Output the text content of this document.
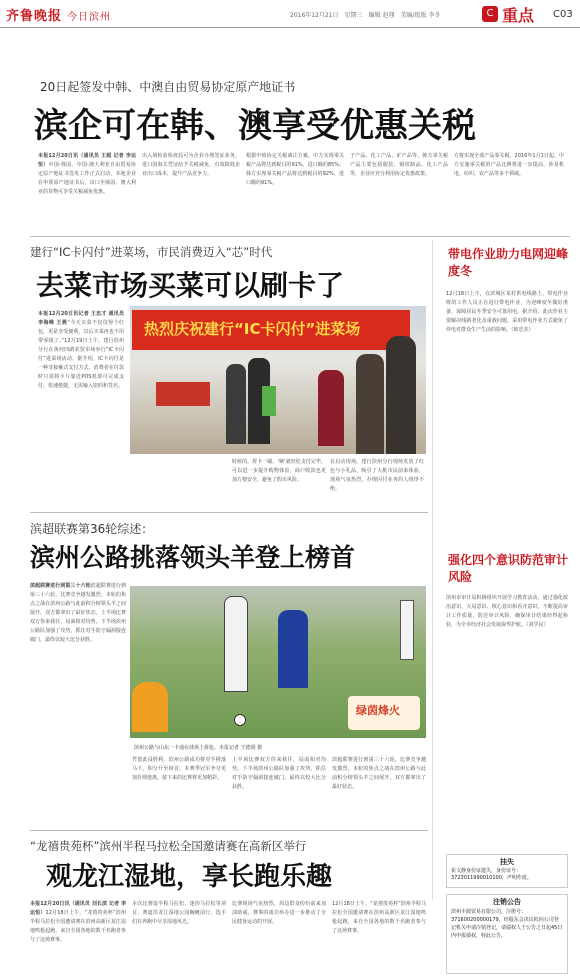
齐鲁晚报 今日滨州	2016年12月21日　星期三　编辑 赵翔　美编/组版 李冬	C 重点 C03
20日起签发中韩、中澳自由贸易协定原产地证书
滨企可在韩、澳享受优惠关税
本报12月20日讯（通讯员 王超 记者 李运恒）中国-韩国、中国-澳大利亚自由贸易协定原产地证书签发工作正式启动，本地企业在申领原产地证书后，出口至韩国、澳大利亚的货物可享受关税减免优惠。
出入境检验检疫局可为企业办理签证业务，进口国海关凭证给予关税减免，有效降低企业出口成本，提升产品竞争力。
根据中韩协定关税减让方案，中方实现零关税产品将达到税目的91%，进口额的85%；韩方实现零关税产品将达到税目的92%，进口额的91%。
子产品、化工产品、矿产品等，韩方零关税产品主要包括服装、钢铁制品、化工产品等，企业应充分利用协定优惠政策。
方将实现全部产品零关税，2016年1月1日起，中方实施零关税的产品比例将进一步提高，涉及机电、纺织、农产品等多个领域。
建行“IC卡闪付”进菜场，市民消费迈入“芯”时代
去菜市场买菜可以刷卡了
本报12月20日讯记者 王忠才 通讯员 李海峰 王燕“今天买菜不仅仅得个红包，更是享受便利，以后买菜再也不用带零钱了。”12月19日上午，建行滨州分行在黄河四路农贸市场举行“IC卡闪付”进菜场活动。据介绍，IC卡闪付是一种非接触式支付方式，消费者在付款时只需将卡片靠近POS机即可完成支付，快速便捷，无需输入密码和签名。
热烈庆祝建行“IC卡闪付”进菜场
时候的，挥卡一刷、‘嘀’就轻松支付完毕，可以进一步提升购物体验，商户收款也更加方便安全，避免了假币风险。
在启动现场，建行滨州分行现场发放了红包与小礼品，吸引了大批市民前来体验，现场气氛热烈，办理闪付业务的人络绎不绝。
带电作业助力电网迎峰度冬
12月18日上午，在滨城区某村供电线路上，带电作业班的工作人员正在进行带电作业，为迎峰度冬做好准备，保障居民冬季安全可靠用电。据介绍，此次作业主要解决线路老化及重载问题，采用带电作业方式避免了停电对群众生产生活的影响。（韩忠杰）
强化四个意识防范审计风险
滨州市审计局积极组织开展学习教育活动，通过强化政治意识、大局意识、核心意识和看齐意识，不断提高审计工作质量，防范审计风险，确保审计结果经得起检验，为全市经济社会发展保驾护航。（刘学民）
挂失
崔文静身份证遗失，身份证号：3723011990010100，声明作废。
注销公告
滨州丰源贸易有限公司，注册号：371600200000179，经股东会决议拟向公司登记机关申请注销登记，请债权人于公告之日起45日内申报债权，特此公告。
滨超联赛第36轮综述：
滨州公路挑落领头羊登上榜首
滨超联赛进行到第三十六轮滨超联赛进行到第三十六轮，比赛竞争越发激烈，本轮的焦点之战在滨州公路与此前积分榜领头羊之间展开，双方都拿出了最好状态。上半场比赛双方你来我往，局面相对均势。下半场滨州公路队加强了攻势，抓住对手防守漏洞接连破门，最终以较大比分获胜。
绿茵烽火
滨州公路与山东一卡通在球场上拼抢。本报记者 王德娟 摄
凭借此役胜利，滨州公路成功将对手挑落马下，积分升至榜首，本赛季冠军争夺更加扑朔迷离，接下来的比赛将更加精彩。
上半场比赛双方你来我往，局面相对均势。下半场滨州公路队加强了攻势，抓住对手防守漏洞接连破门，最终以较大比分获胜。
滨超联赛进行到第三十六轮，比赛竞争越发激烈，本轮的焦点之战在滨州公路与此前积分榜领头羊之间展开，双方都拿出了最好状态。
“龙禧贵苑杯”滨州半程马拉松全国邀请赛在高新区举行
观龙江湿地，享长跑乐趣
本报12月20日讯（通讯员 刘长滨 记者 李运恒）12月18日上午，“龙禧贵苑杯”滨州半程马拉松全国邀请赛在滨州高新区龙江湿地鸣枪起跑，来自全国各地的数千名跑者参与了这场赛事。
本次比赛设半程马拉松、迷你马拉松等项目，赛道沿龙江湿地公园蜿蜒前行，选手们在奔跑中尽享湿地风光。
比赛现场气氛热烈，周边群众纷纷前来加油助威，赛事的成功举办进一步推动了全民健身运动的开展。
12月18日上午，“龙禧贵苑杯”滨州半程马拉松全国邀请赛在滨州高新区龙江湿地鸣枪起跑，来自全国各地的数千名跑者参与了这场赛事。
